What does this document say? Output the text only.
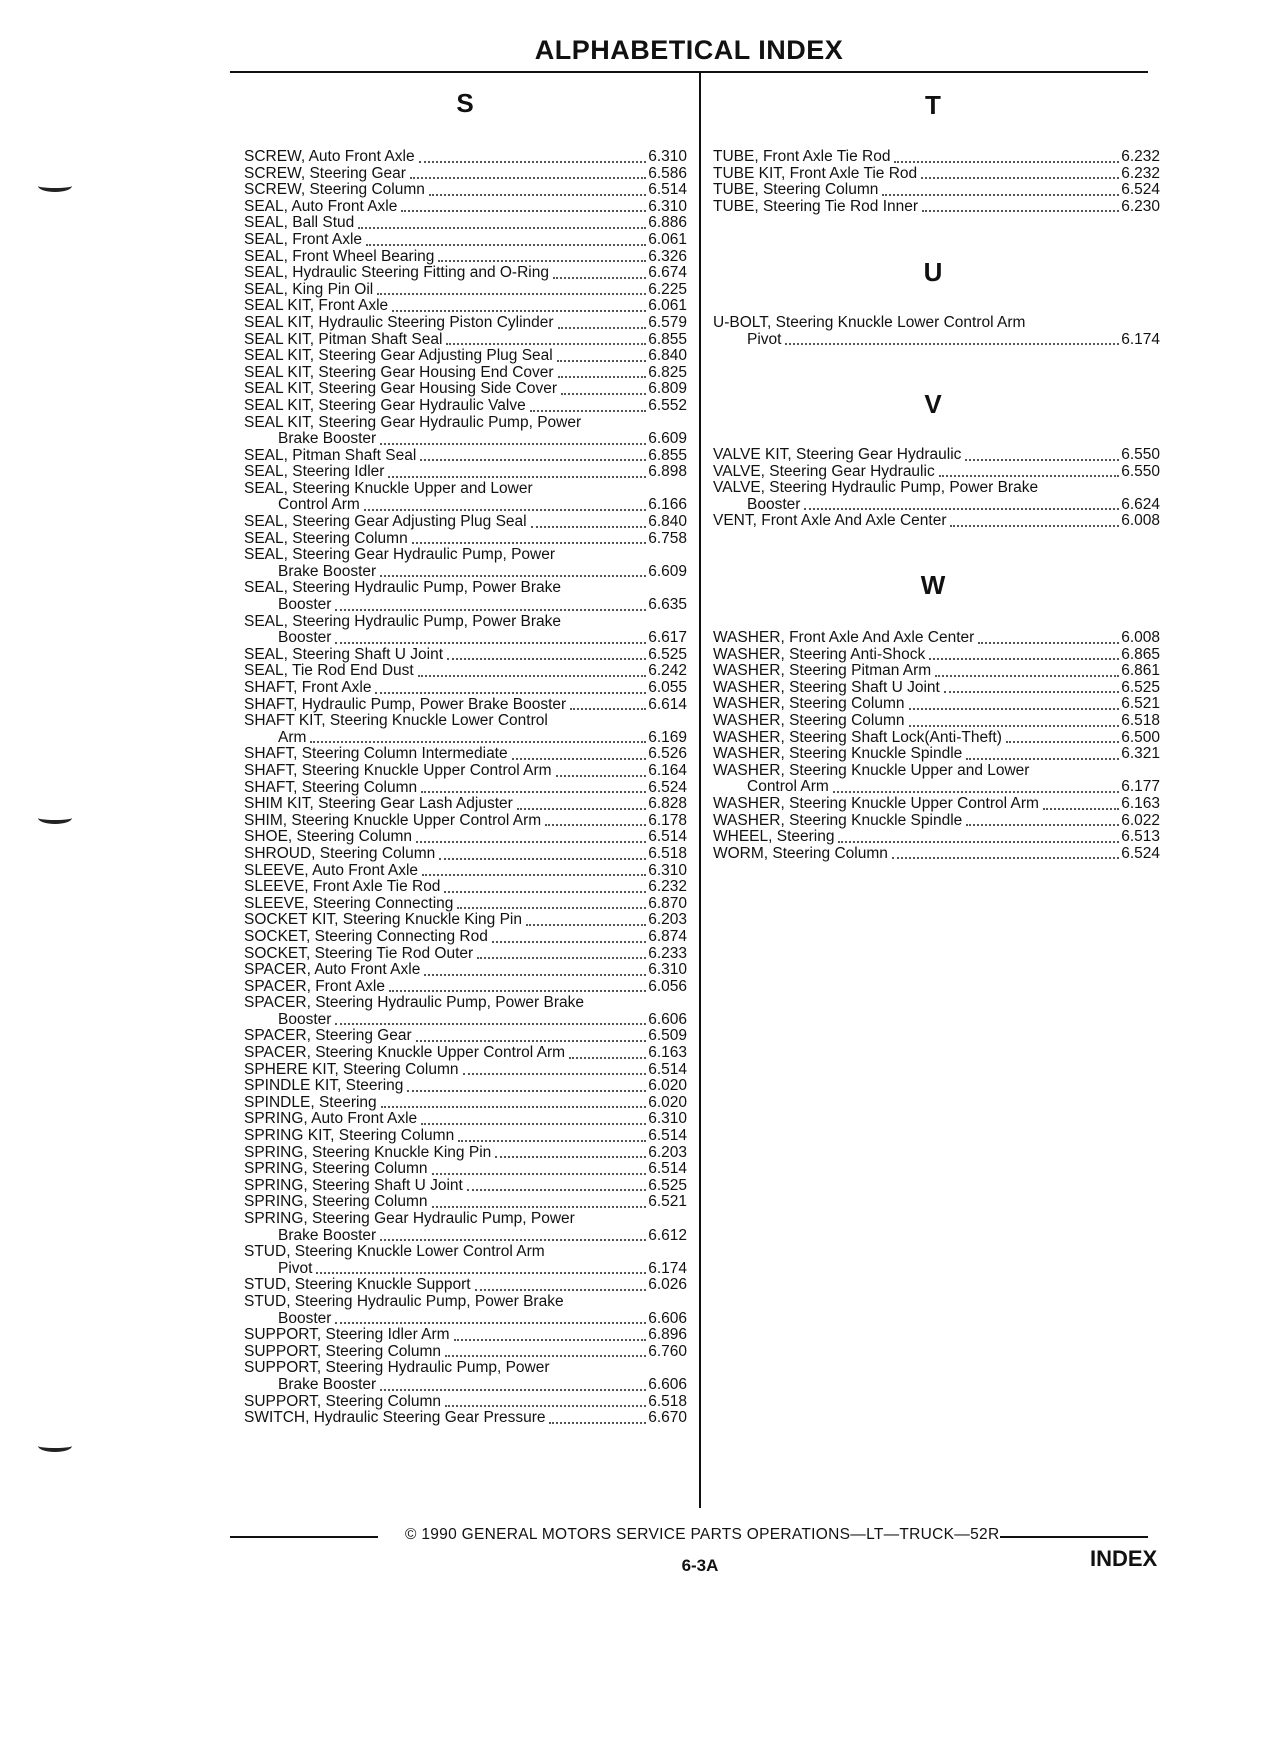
ALPHABETICAL INDEX
S
SCREW, Auto Front Axle	6.310
SCREW, Steering Gear	6.586
SCREW, Steering Column	6.514
SEAL, Auto Front Axle	6.310
SEAL, Ball Stud	6.886
SEAL, Front Axle	6.061
SEAL, Front Wheel Bearing	6.326
SEAL, Hydraulic Steering Fitting and O-Ring	6.674
SEAL, King Pin Oil	6.225
SEAL KIT, Front Axle	6.061
SEAL KIT, Hydraulic Steering Piston Cylinder	6.579
SEAL KIT, Pitman Shaft Seal	6.855
SEAL KIT, Steering Gear Adjusting Plug Seal	6.840
SEAL KIT, Steering Gear Housing End Cover	6.825
SEAL KIT, Steering Gear Housing Side Cover	6.809
SEAL KIT, Steering Gear Hydraulic Valve	6.552
SEAL KIT, Steering Gear Hydraulic Pump, Power
Brake Booster	6.609
SEAL, Pitman Shaft Seal	6.855
SEAL, Steering Idler	6.898
SEAL, Steering Knuckle Upper and Lower
Control Arm	6.166
SEAL, Steering Gear Adjusting Plug Seal	6.840
SEAL, Steering Column	6.758
SEAL, Steering Gear Hydraulic Pump, Power
Brake Booster	6.609
SEAL, Steering Hydraulic Pump, Power Brake
Booster	6.635
SEAL, Steering Hydraulic Pump, Power Brake
Booster	6.617
SEAL, Steering Shaft U Joint	6.525
SEAL, Tie Rod End Dust	6.242
SHAFT, Front Axle	6.055
SHAFT, Hydraulic Pump, Power Brake Booster	6.614
SHAFT KIT, Steering Knuckle Lower Control
Arm	6.169
SHAFT, Steering Column Intermediate	6.526
SHAFT, Steering Knuckle Upper Control Arm	6.164
SHAFT, Steering Column	6.524
SHIM KIT, Steering Gear Lash Adjuster	6.828
SHIM, Steering Knuckle Upper Control Arm	6.178
SHOE, Steering Column	6.514
SHROUD, Steering Column	6.518
SLEEVE, Auto Front Axle	6.310
SLEEVE, Front Axle Tie Rod	6.232
SLEEVE, Steering Connecting	6.870
SOCKET KIT, Steering Knuckle King Pin	6.203
SOCKET, Steering Connecting Rod	6.874
SOCKET, Steering Tie Rod Outer	6.233
SPACER, Auto Front Axle	6.310
SPACER, Front Axle	6.056
SPACER, Steering Hydraulic Pump, Power Brake
Booster	6.606
SPACER, Steering Gear	6.509
SPACER, Steering Knuckle Upper Control Arm	6.163
SPHERE KIT, Steering Column	6.514
SPINDLE KIT, Steering	6.020
SPINDLE, Steering	6.020
SPRING, Auto Front Axle	6.310
SPRING KIT, Steering Column	6.514
SPRING, Steering Knuckle King Pin	6.203
SPRING, Steering Column	6.514
SPRING, Steering Shaft U Joint	6.525
SPRING, Steering Column	6.521
SPRING, Steering Gear Hydraulic Pump, Power
Brake Booster	6.612
STUD, Steering Knuckle Lower Control Arm
Pivot	6.174
STUD, Steering Knuckle Support	6.026
STUD, Steering Hydraulic Pump, Power Brake
Booster	6.606
SUPPORT, Steering Idler Arm	6.896
SUPPORT, Steering Column	6.760
SUPPORT, Steering Hydraulic Pump, Power
Brake Booster	6.606
SUPPORT, Steering Column	6.518
SWITCH, Hydraulic Steering Gear Pressure	6.670
T
TUBE, Front Axle Tie Rod	6.232
TUBE KIT, Front Axle Tie Rod	6.232
TUBE, Steering Column	6.524
TUBE, Steering Tie Rod Inner	6.230
U
U-BOLT, Steering Knuckle Lower Control Arm
Pivot	6.174
V
VALVE KIT, Steering Gear Hydraulic	6.550
VALVE, Steering Gear Hydraulic	6.550
VALVE, Steering Hydraulic Pump, Power Brake
Booster	6.624
VENT, Front Axle And Axle Center	6.008
W
WASHER, Front Axle And Axle Center	6.008
WASHER, Steering Anti-Shock	6.865
WASHER, Steering Pitman Arm	6.861
WASHER, Steering Shaft U Joint	6.525
WASHER, Steering Column	6.521
WASHER, Steering Column	6.518
WASHER, Steering Shaft Lock(Anti-Theft)	6.500
WASHER, Steering Knuckle Spindle	6.321
WASHER, Steering Knuckle Upper and Lower
Control Arm	6.177
WASHER, Steering Knuckle Upper Control Arm	6.163
WASHER, Steering Knuckle Spindle	6.022
WHEEL, Steering	6.513
WORM, Steering Column	6.524
© 1990 GENERAL MOTORS SERVICE PARTS OPERATIONS—LT—TRUCK—52R
6-3A	INDEX
